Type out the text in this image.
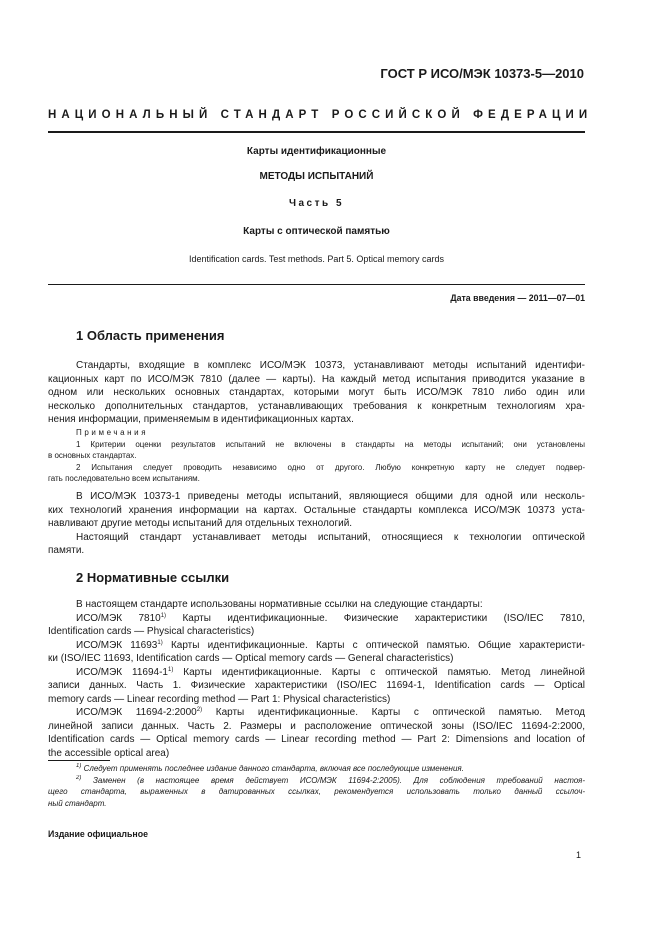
ГОСТ Р ИСО/МЭК 10373-5—2010
НАЦИОНАЛЬНЫЙ СТАНДАРТ РОССИЙСКОЙ ФЕДЕРАЦИИ
Карты идентификационные
МЕТОДЫ ИСПЫТАНИЙ
Часть 5
Карты с оптической памятью
Identification cards. Test methods. Part 5. Optical memory cards
Дата введения — 2011—07—01
1 Область применения
Стандарты, входящие в комплекс ИСО/МЭК 10373, устанавливают методы испытаний идентифи-
кационных карт по ИСО/МЭК 7810 (далее — карты). На каждый метод испытания приводится указание в
одном или нескольких основных стандартах, которыми могут быть ИСО/МЭК 7810 либо один или
несколько дополнительных стандартов, устанавливающих требования к конкретным технологиям хра-
нения информации, применяемым в идентификационных картах.
Примечания
1 Критерии оценки результатов испытаний не включены в стандарты на методы испытаний; они установлены
в основных стандартах.
2 Испытания следует проводить независимо одно от другого. Любую конкретную карту не следует подвер-
гать последовательно всем испытаниям.
В ИСО/МЭК 10373-1 приведены методы испытаний, являющиеся общими для одной или несколь-
ких технологий хранения информации на картах. Остальные стандарты комплекса ИСО/МЭК 10373 уста-
навливают другие методы испытаний для отдельных технологий.
Настоящий стандарт устанавливает методы испытаний, относящиеся к технологии оптической
памяти.
2 Нормативные ссылки
В настоящем стандарте использованы нормативные ссылки на следующие стандарты:
ИСО/МЭК 7810$^{1)}$ Карты идентификационные. Физические характеристики (ISO/IEC 7810,
Identification cards — Physical characteristics)
ИСО/МЭК 11693$^{1)}$ Карты идентификационные. Карты с оптической памятью. Общие характеристи-
ки (ISO/IEC 11693, Identification cards — Optical memory cards — General characteristics)
ИСО/МЭК 11694-1$^{1)}$ Карты идентификационные. Карты с оптической памятью. Метод линейной
записи данных. Часть 1. Физические характеристики (ISO/IEC 11694-1, Identification cards — Optical
memory cards — Linear recording method — Part 1: Physical characteristics)
ИСО/МЭК 11694-2:2000$^{2)}$ Карты идентификационные. Карты с оптической памятью. Метод
линейной записи данных. Часть 2. Размеры и расположение оптической зоны (ISO/IEC 11694-2:2000,
Identification cards — Optical memory cards — Linear recording method — Part 2: Dimensions and location of
the accessible optical area)
$^{1)}$ Следует применять последнее издание данного стандарта, включая все последующие изменения.
$^{2)}$ Заменен (в настоящее время действует ИСО/МЭК 11694-2:2005). Для соблюдения требований настоя-
щего стандарта, выраженных в датированных ссылках, рекомендуется использовать только данный ссылоч-
ный стандарт.
Издание официальное
1
